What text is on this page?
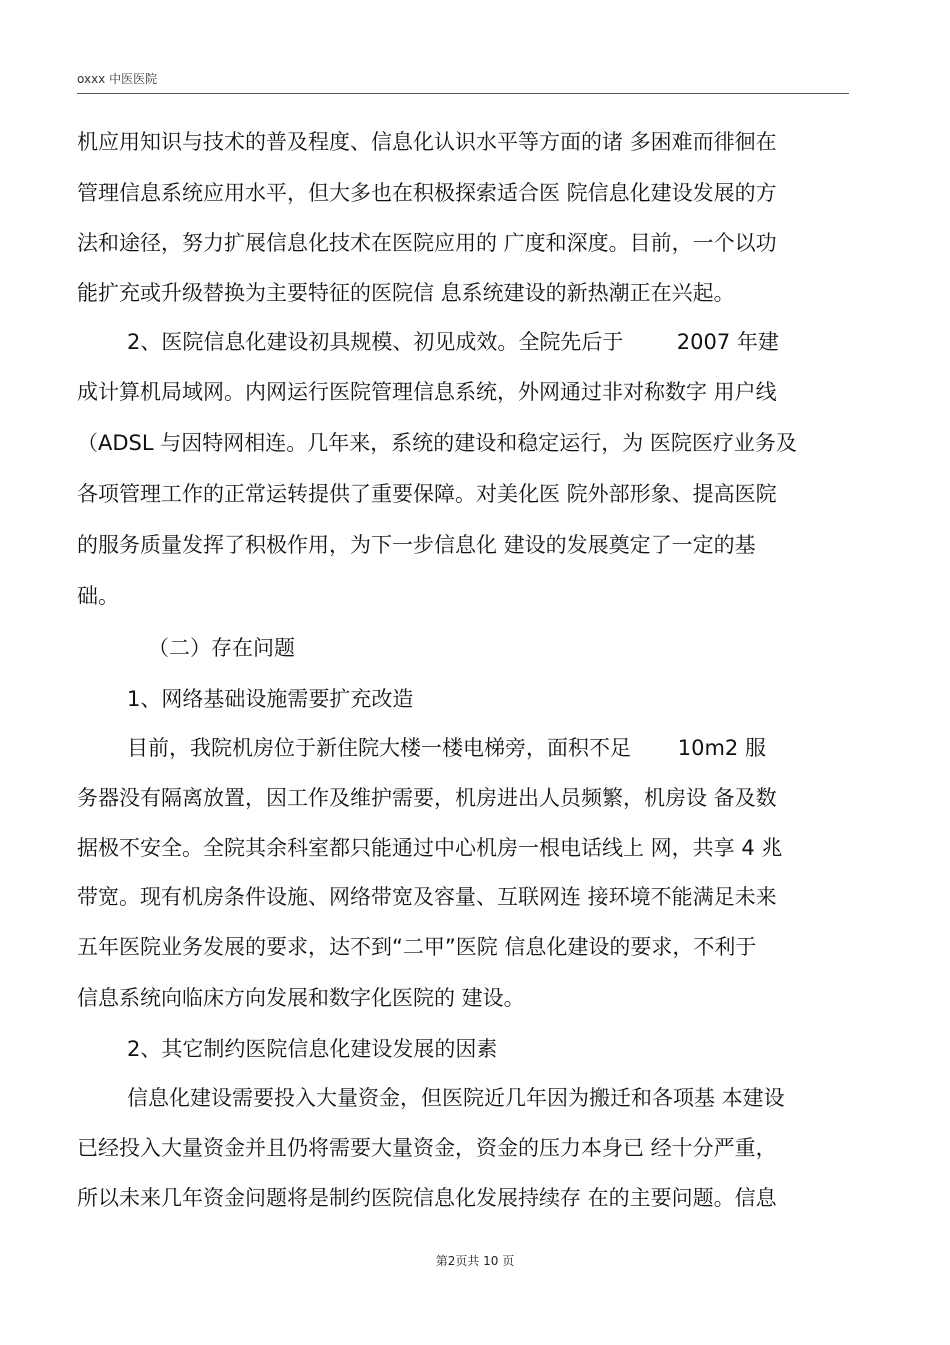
oxxx 中医医院
机应用知识与技术的普及程度、信息化认识水平等方面的诸 多困难而徘徊在
管理信息系统应用水平，但大多也在积极探索适合医 院信息化建设发展的方
法和途径，努力扩展信息化技术在医院应用的 广度和深度。目前，一个以功
能扩充或升级替换为主要特征的医院信 息系统建设的新热潮正在兴起。
2、医院信息化建设初具规模、初见成效。全院先后于        2007 年建
成计算机局域网。内网运行医院管理信息系统，外网通过非对称数字 用户线
（ADSL 与因特网相连。几年来，系统的建设和稳定运行，为 医院医疗业务及
各项管理工作的正常运转提供了重要保障。对美化医 院外部形象、提高医院
的服务质量发挥了积极作用，为下一步信息化 建设的发展奠定了一定的基
础。
（二）存在问题
1、网络基础设施需要扩充改造
目前，我院机房位于新住院大楼一楼电梯旁，面积不足       10m2 服
务器没有隔离放置，因工作及维护需要，机房进出人员频繁，机房设 备及数
据极不安全。全院其余科室都只能通过中心机房一根电话线上 网，共享 4 兆
带宽。现有机房条件设施、网络带宽及容量、互联网连 接环境不能满足未来
五年医院业务发展的要求，达不到“二甲”医院 信息化建设的要求，不利于
信息系统向临床方向发展和数字化医院的 建设。
2、其它制约医院信息化建设发展的因素
信息化建设需要投入大量资金，但医院近几年因为搬迁和各项基 本建设
已经投入大量资金并且仍将需要大量资金，资金的压力本身已 经十分严重，
所以未来几年资金问题将是制约医院信息化发展持续存 在的主要问题。信息
第2页共 10 页
